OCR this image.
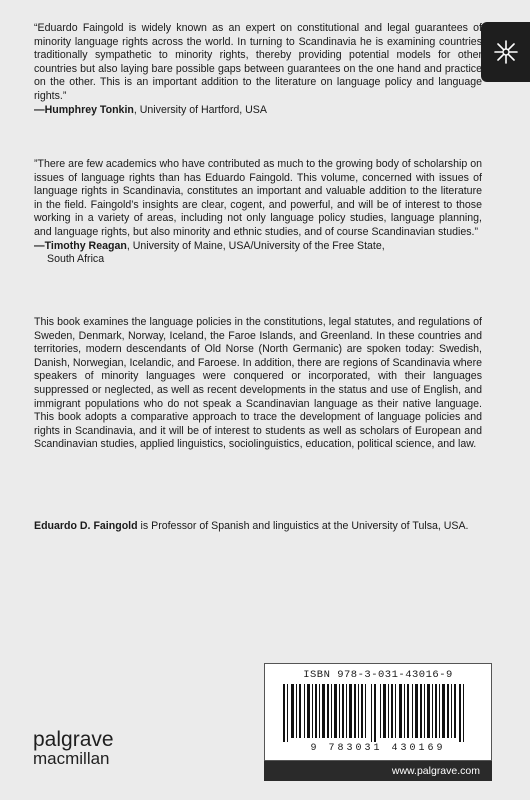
“Eduardo Faingold is widely known as an expert on constitutional and legal guarantees of minority language rights across the world. In turning to Scandinavia he is examining countries traditionally sympathetic to minority rights, thereby providing potential models for other countries but also laying bare possible gaps between guarantees on the one hand and practice on the other. This is an important addition to the literature on language policy and language rights.”
—Humphrey Tonkin, University of Hartford, USA
”There are few academics who have contributed as much to the growing body of scholarship on issues of language rights than has Eduardo Faingold. This volume, concerned with issues of language rights in Scandinavia, constitutes an important and valuable addition to the literature in the field. Faingold’s insights are clear, cogent, and powerful, and will be of interest to those working in a variety of areas, including not only language policy studies, language planning, and language rights, but also minority and ethnic studies, and of course Scandinavian studies.”
—Timothy Reagan, University of Maine, USA/University of the Free State,
South Africa
This book examines the language policies in the constitutions, legal statutes, and regulations of Sweden, Denmark, Norway, Iceland, the Faroe Islands, and Greenland. In these countries and territories, modern descendants of Old Norse (North Germanic) are spoken today: Swedish, Danish, Norwegian, Icelandic, and Faroese. In addition, there are regions of Scandinavia where speakers of minority languages were conquered or incorporated, with their languages suppressed or neglected, as well as recent developments in the status and use of English, and immigrant populations who do not speak a Scandinavian language as their native language. This book adopts a comparative approach to trace the development of language policies and rights in Scandinavia, and it will be of interest to students as well as scholars of European and Scandinavian studies, applied linguistics, sociolinguistics, education, political science, and law.
Eduardo D. Faingold is Professor of Spanish and linguistics at the University of Tulsa, USA.
palgrave
macmillan
ISBN 978-3-031-43016-9
9 783031 430169
www.palgrave.com
